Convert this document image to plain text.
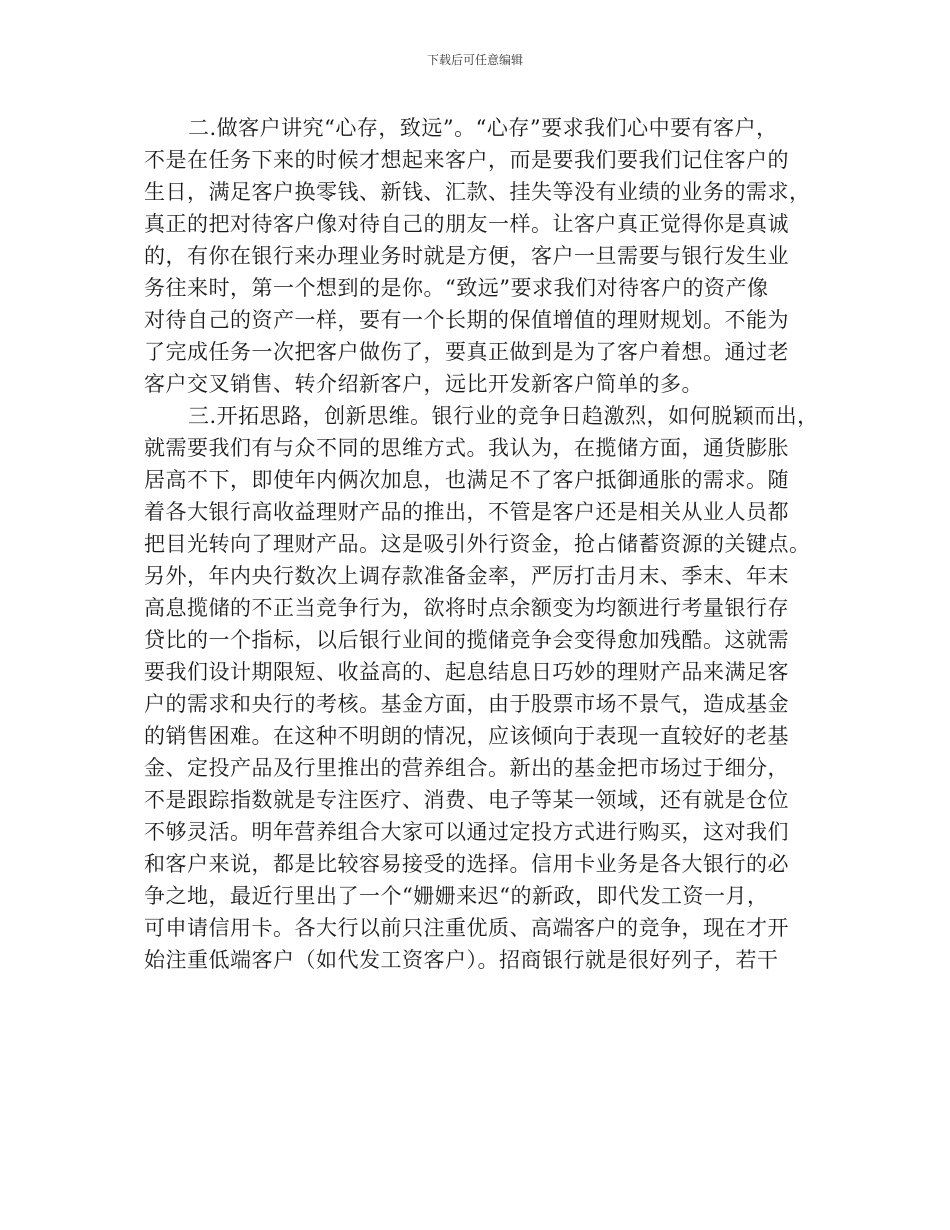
下载后可任意编辑
二.做客户讲究“心存，致远”。“心存”要求我们心中要有客户，
不是在任务下来的时候才想起来客户，而是要我们要我们记住客户的
生日，满足客户换零钱、新钱、汇款、挂失等没有业绩的业务的需求，
真正的把对待客户像对待自己的朋友一样。让客户真正觉得你是真诚
的，有你在银行来办理业务时就是方便，客户一旦需要与银行发生业
务往来时，第一个想到的是你。“致远”要求我们对待客户的资产像
对待自己的资产一样，要有一个长期的保值增值的理财规划。不能为
了完成任务一次把客户做伤了，要真正做到是为了客户着想。通过老
客户交叉销售、转介绍新客户，远比开发新客户简单的多。
三.开拓思路，创新思维。银行业的竞争日趋激烈，如何脱颖而出，
就需要我们有与众不同的思维方式。我认为，在揽储方面，通货膨胀
居高不下，即使年内俩次加息，也满足不了客户抵御通胀的需求。随
着各大银行高收益理财产品的推出，不管是客户还是相关从业人员都
把目光转向了理财产品。这是吸引外行资金，抢占储蓄资源的关键点。
另外，年内央行数次上调存款准备金率，严厉打击月末、季末、年末
高息揽储的不正当竞争行为，欲将时点余额变为均额进行考量银行存
贷比的一个指标，以后银行业间的揽储竞争会变得愈加残酷。这就需
要我们设计期限短、收益高的、起息结息日巧妙的理财产品来满足客
户的需求和央行的考核。基金方面，由于股票市场不景气，造成基金
的销售困难。在这种不明朗的情况，应该倾向于表现一直较好的老基
金、定投产品及行里推出的营养组合。新出的基金把市场过于细分，
不是跟踪指数就是专注医疗、消费、电子等某一领域，还有就是仓位
不够灵活。明年营养组合大家可以通过定投方式进行购买，这对我们
和客户来说，都是比较容易接受的选择。信用卡业务是各大银行的必
争之地，最近行里出了一个“姗姗来迟“的新政，即代发工资一月，
可申请信用卡。各大行以前只注重优质、高端客户的竞争，现在才开
始注重低端客户（如代发工资客户）。招商银行就是很好列子，若干
